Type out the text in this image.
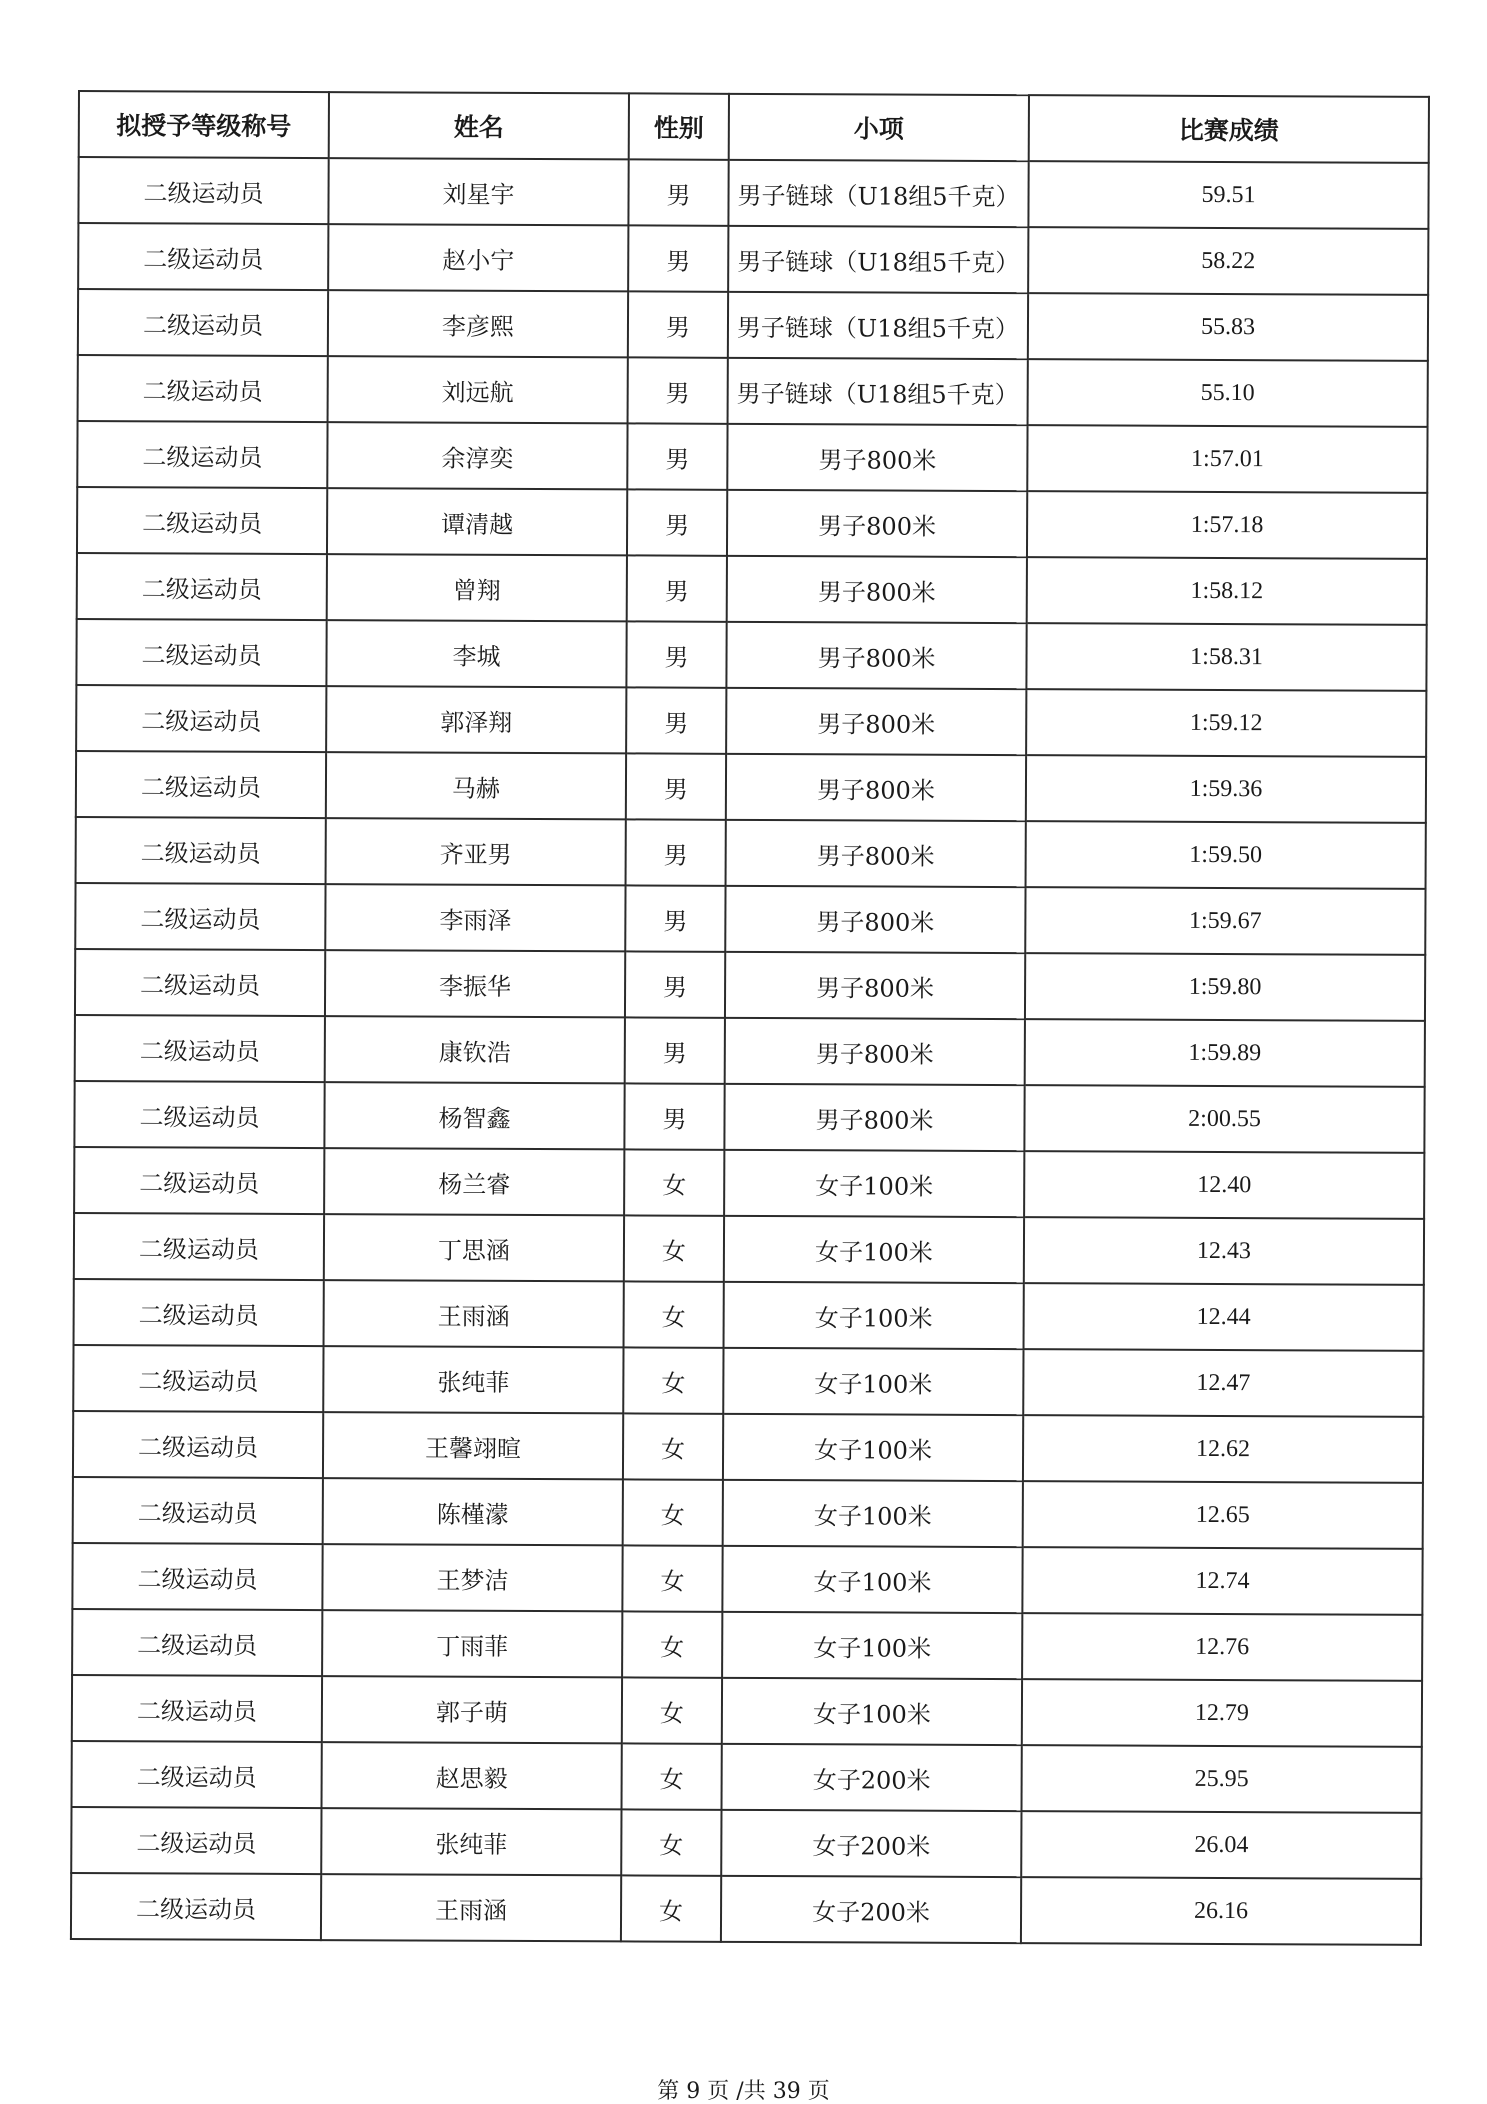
拟授予等级称号	姓名	性别	小项	比赛成绩
二级运动员	刘星宇	男	男子链球（U18组5千克）	59.51
二级运动员	赵小宁	男	男子链球（U18组5千克）	58.22
二级运动员	李彦熙	男	男子链球（U18组5千克）	55.83
二级运动员	刘远航	男	男子链球（U18组5千克）	55.10
二级运动员	余淳奕	男	男子800米	1:57.01
二级运动员	谭清越	男	男子800米	1:57.18
二级运动员	曾翔	男	男子800米	1:58.12
二级运动员	李城	男	男子800米	1:58.31
二级运动员	郭泽翔	男	男子800米	1:59.12
二级运动员	马赫	男	男子800米	1:59.36
二级运动员	齐亚男	男	男子800米	1:59.50
二级运动员	李雨泽	男	男子800米	1:59.67
二级运动员	李振华	男	男子800米	1:59.80
二级运动员	康钦浩	男	男子800米	1:59.89
二级运动员	杨智鑫	男	男子800米	2:00.55
二级运动员	杨兰睿	女	女子100米	12.40
二级运动员	丁思涵	女	女子100米	12.43
二级运动员	王雨涵	女	女子100米	12.44
二级运动员	张纯菲	女	女子100米	12.47
二级运动员	王馨翊暄	女	女子100米	12.62
二级运动员	陈槿濛	女	女子100米	12.65
二级运动员	王梦洁	女	女子100米	12.74
二级运动员	丁雨菲	女	女子100米	12.76
二级运动员	郭子萌	女	女子100米	12.79
二级运动员	赵思毅	女	女子200米	25.95
二级运动员	张纯菲	女	女子200米	26.04
二级运动员	王雨涵	女	女子200米	26.16
第 9 页 /共 39 页
